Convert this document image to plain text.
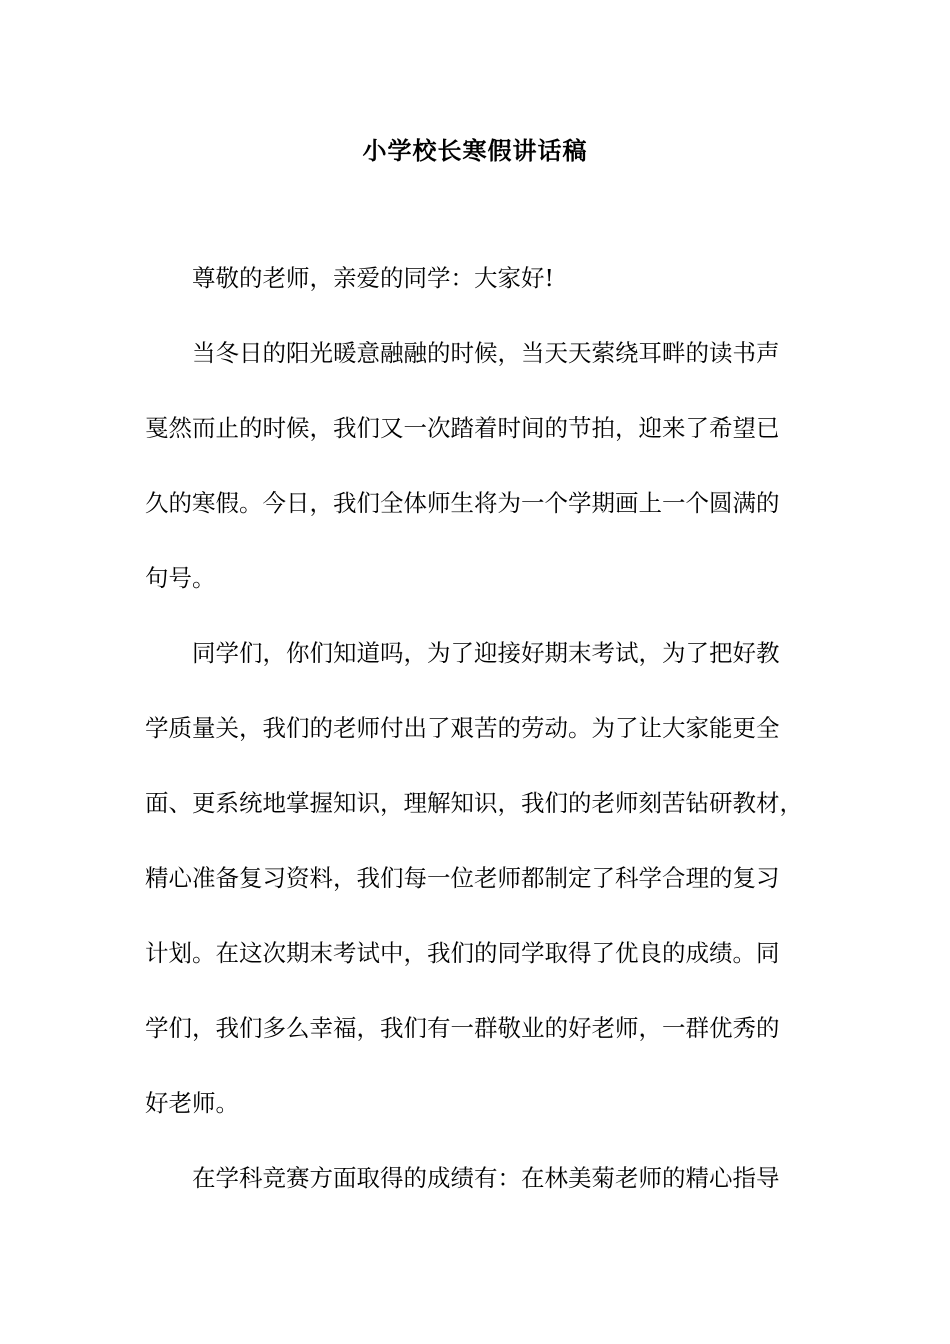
小学校长寒假讲话稿
尊敬的老师，亲爱的同学：大家好!
当冬日的阳光暖意融融的时候，当天天萦绕耳畔的读书声
戛然而止的时候，我们又一次踏着时间的节拍，迎来了希望已
久的寒假。今日，我们全体师生将为一个学期画上一个圆满的
句号。
同学们，你们知道吗，为了迎接好期末考试，为了把好教
学质量关，我们的老师付出了艰苦的劳动。为了让大家能更全
面、更系统地掌握知识，理解知识，我们的老师刻苦钻研教材，
精心准备复习资料，我们每一位老师都制定了科学合理的复习
计划。在这次期末考试中，我们的同学取得了优良的成绩。同
学们，我们多么幸福，我们有一群敬业的好老师，一群优秀的
好老师。
在学科竞赛方面取得的成绩有：在林美菊老师的精心指导
